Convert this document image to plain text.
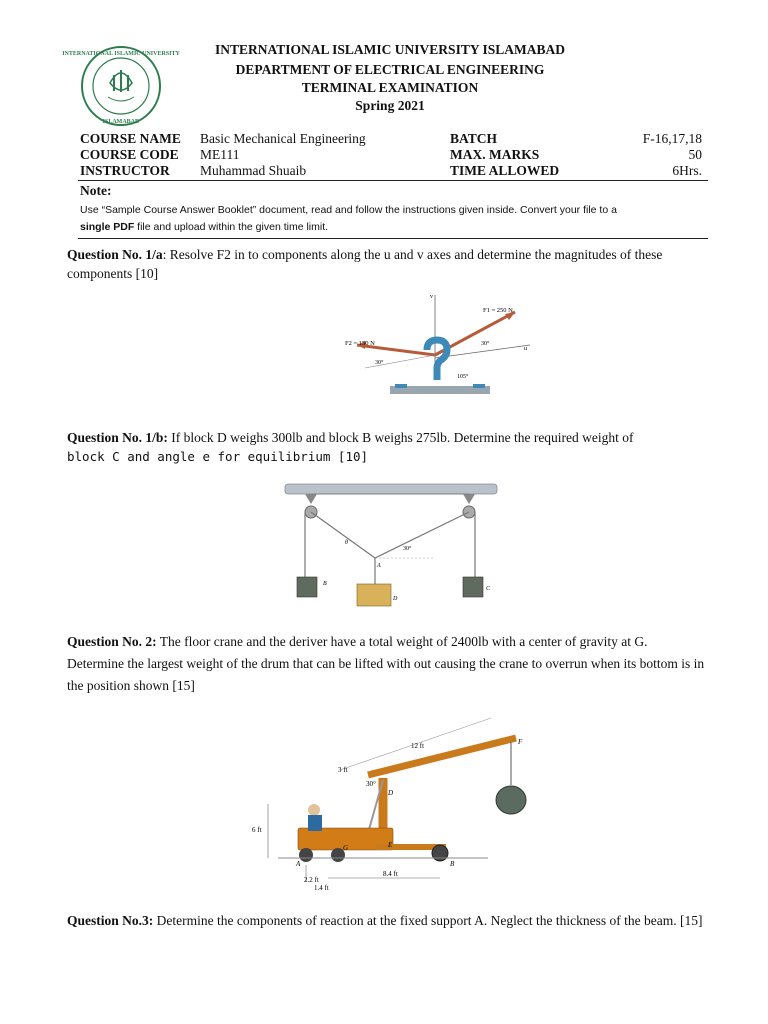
INTERNATIONAL ISLAMIC UNIVERSITY
ISLAMABAD
INTERNATIONAL ISLAMIC UNIVERSITY ISLAMABAD
DEPARTMENT OF ELECTRICAL ENGINEERING
TERMINAL EXAMINATION
Spring 2021
COURSE NAME Basic Mechanical Engineering	BATCH	F-16,17,18
COURSE CODE ME111	MAX. MARKS	50
INSTRUCTOR Muhammad Shuaib	TIME ALLOWED	6Hrs.
Note:
Use “Sample Course Answer Booklet” document, read and follow the instructions given inside. Convert your file to a
single PDF file and upload within the given time limit.
Question No. 1/a: Resolve F2 in to components along the u and v axes and determine the magnitudes of these components [10]
v
u
F1 = 250 N
F2 = 150 N	30°
30°
105°
Question No. 1/b: If block D weighs 300lb and block B weighs 275lb. Determine the required weight of
block C and angle e for equilibrium [10]
θ
30°
A
B
C
D
Question No. 2: The floor crane and the deriver have a total weight of 2400lb with a center of gravity at G. Determine the largest weight of the drum that can be lifted with out causing the crane to overrun when its bottom is in the position shown [15]
12 ft
3 ft
30°
6 ft
2.2 ft
1.4 ft
8.4 ft
F
D
E
G
A	B
Question No.3: Determine the components of reaction at the fixed support A. Neglect the thickness of the beam. [15]
